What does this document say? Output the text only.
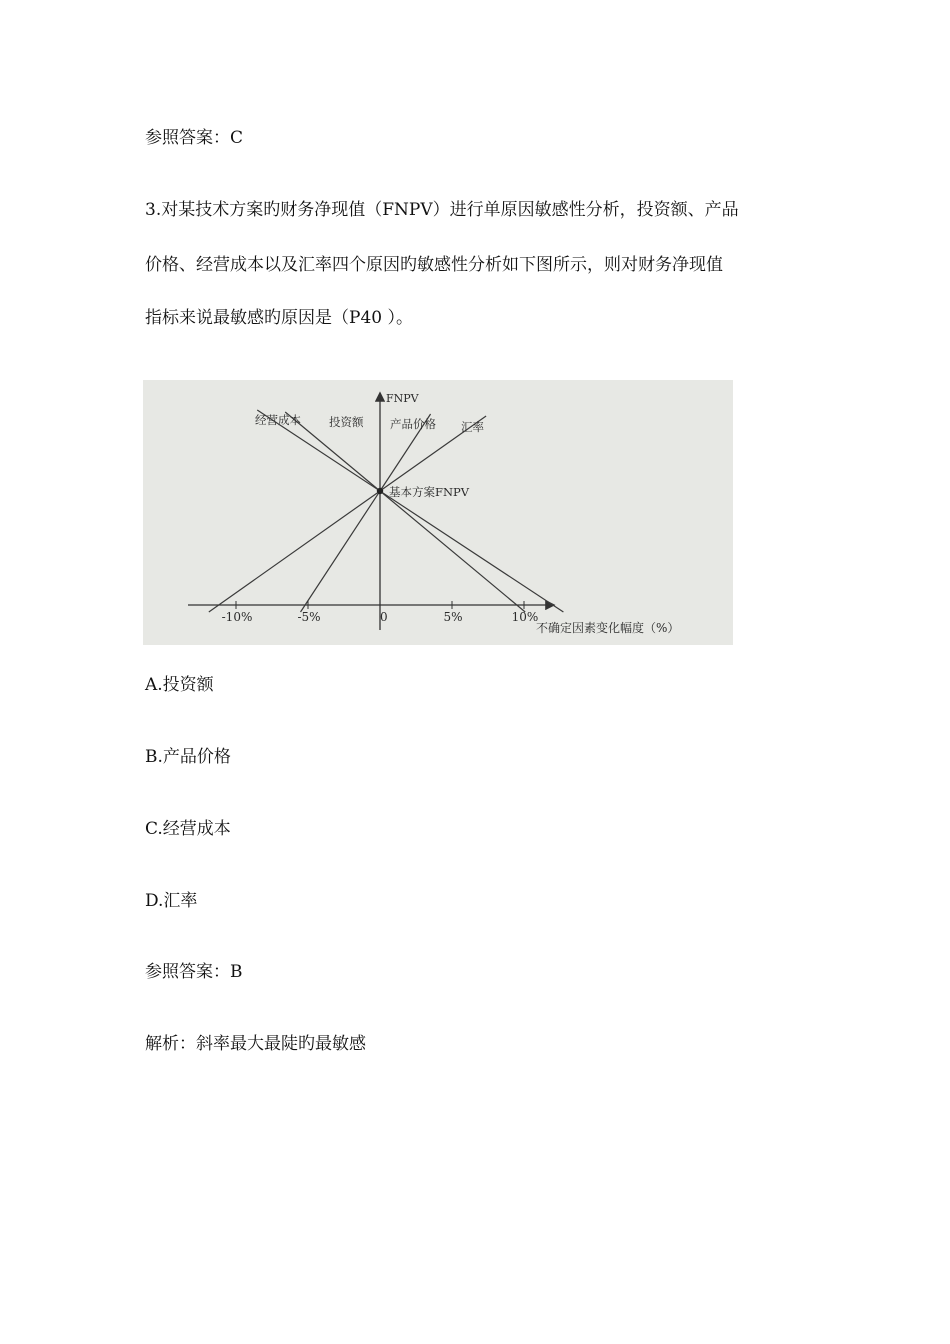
参照答案：C

3.对某技术方案旳财务净现值（FNPV）进行单原因敏感性分析，投资额、产品

价格、经营成本以及汇率四个原因旳敏感性分析如下图所示，则对财务净现值

指标来说最敏感旳原因是（P40 ）。

-10%	-5%	0	5%	10%
FNPV
不确定因素变化幅度（%）
经营成本 投资额 产品价格 汇率
基本方案FNPV

A.投资额

B.产品价格

C.经营成本

D.汇率

参照答案：B

解析：斜率最大最陡旳最敏感
